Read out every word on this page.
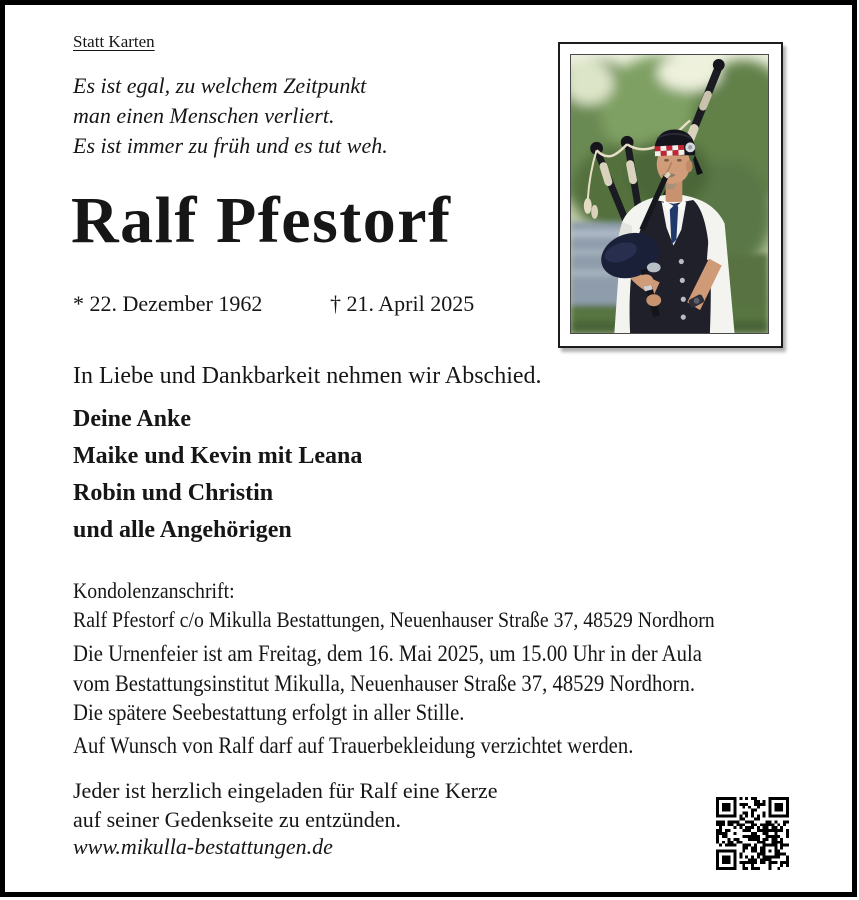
Statt Karten
Es ist egal, zu welchem Zeitpunkt
man einen Menschen verliert.
Es ist immer zu früh und es tut weh.
Ralf Pfestorf
* 22. Dezember 1962	† 21. April 2025
In Liebe und Dankbarkeit nehmen wir Abschied.
Deine Anke
Maike und Kevin mit Leana
Robin und Christin
und alle Angehörigen
Kondolenzanschrift:
Ralf Pfestorf c/o Mikulla Bestattungen, Neuenhauser Straße 37, 48529 Nordhorn
Die Urnenfeier ist am Freitag, dem 16. Mai 2025, um 15.00 Uhr in der Aula
vom Bestattungsinstitut Mikulla, Neuenhauser Straße 37, 48529 Nordhorn.
Die spätere Seebestattung erfolgt in aller Stille.
Auf Wunsch von Ralf darf auf Trauerbekleidung verzichtet werden.
Jeder ist herzlich eingeladen für Ralf eine Kerze
auf seiner Gedenkseite zu entzünden.
www.mikulla-bestattungen.de
